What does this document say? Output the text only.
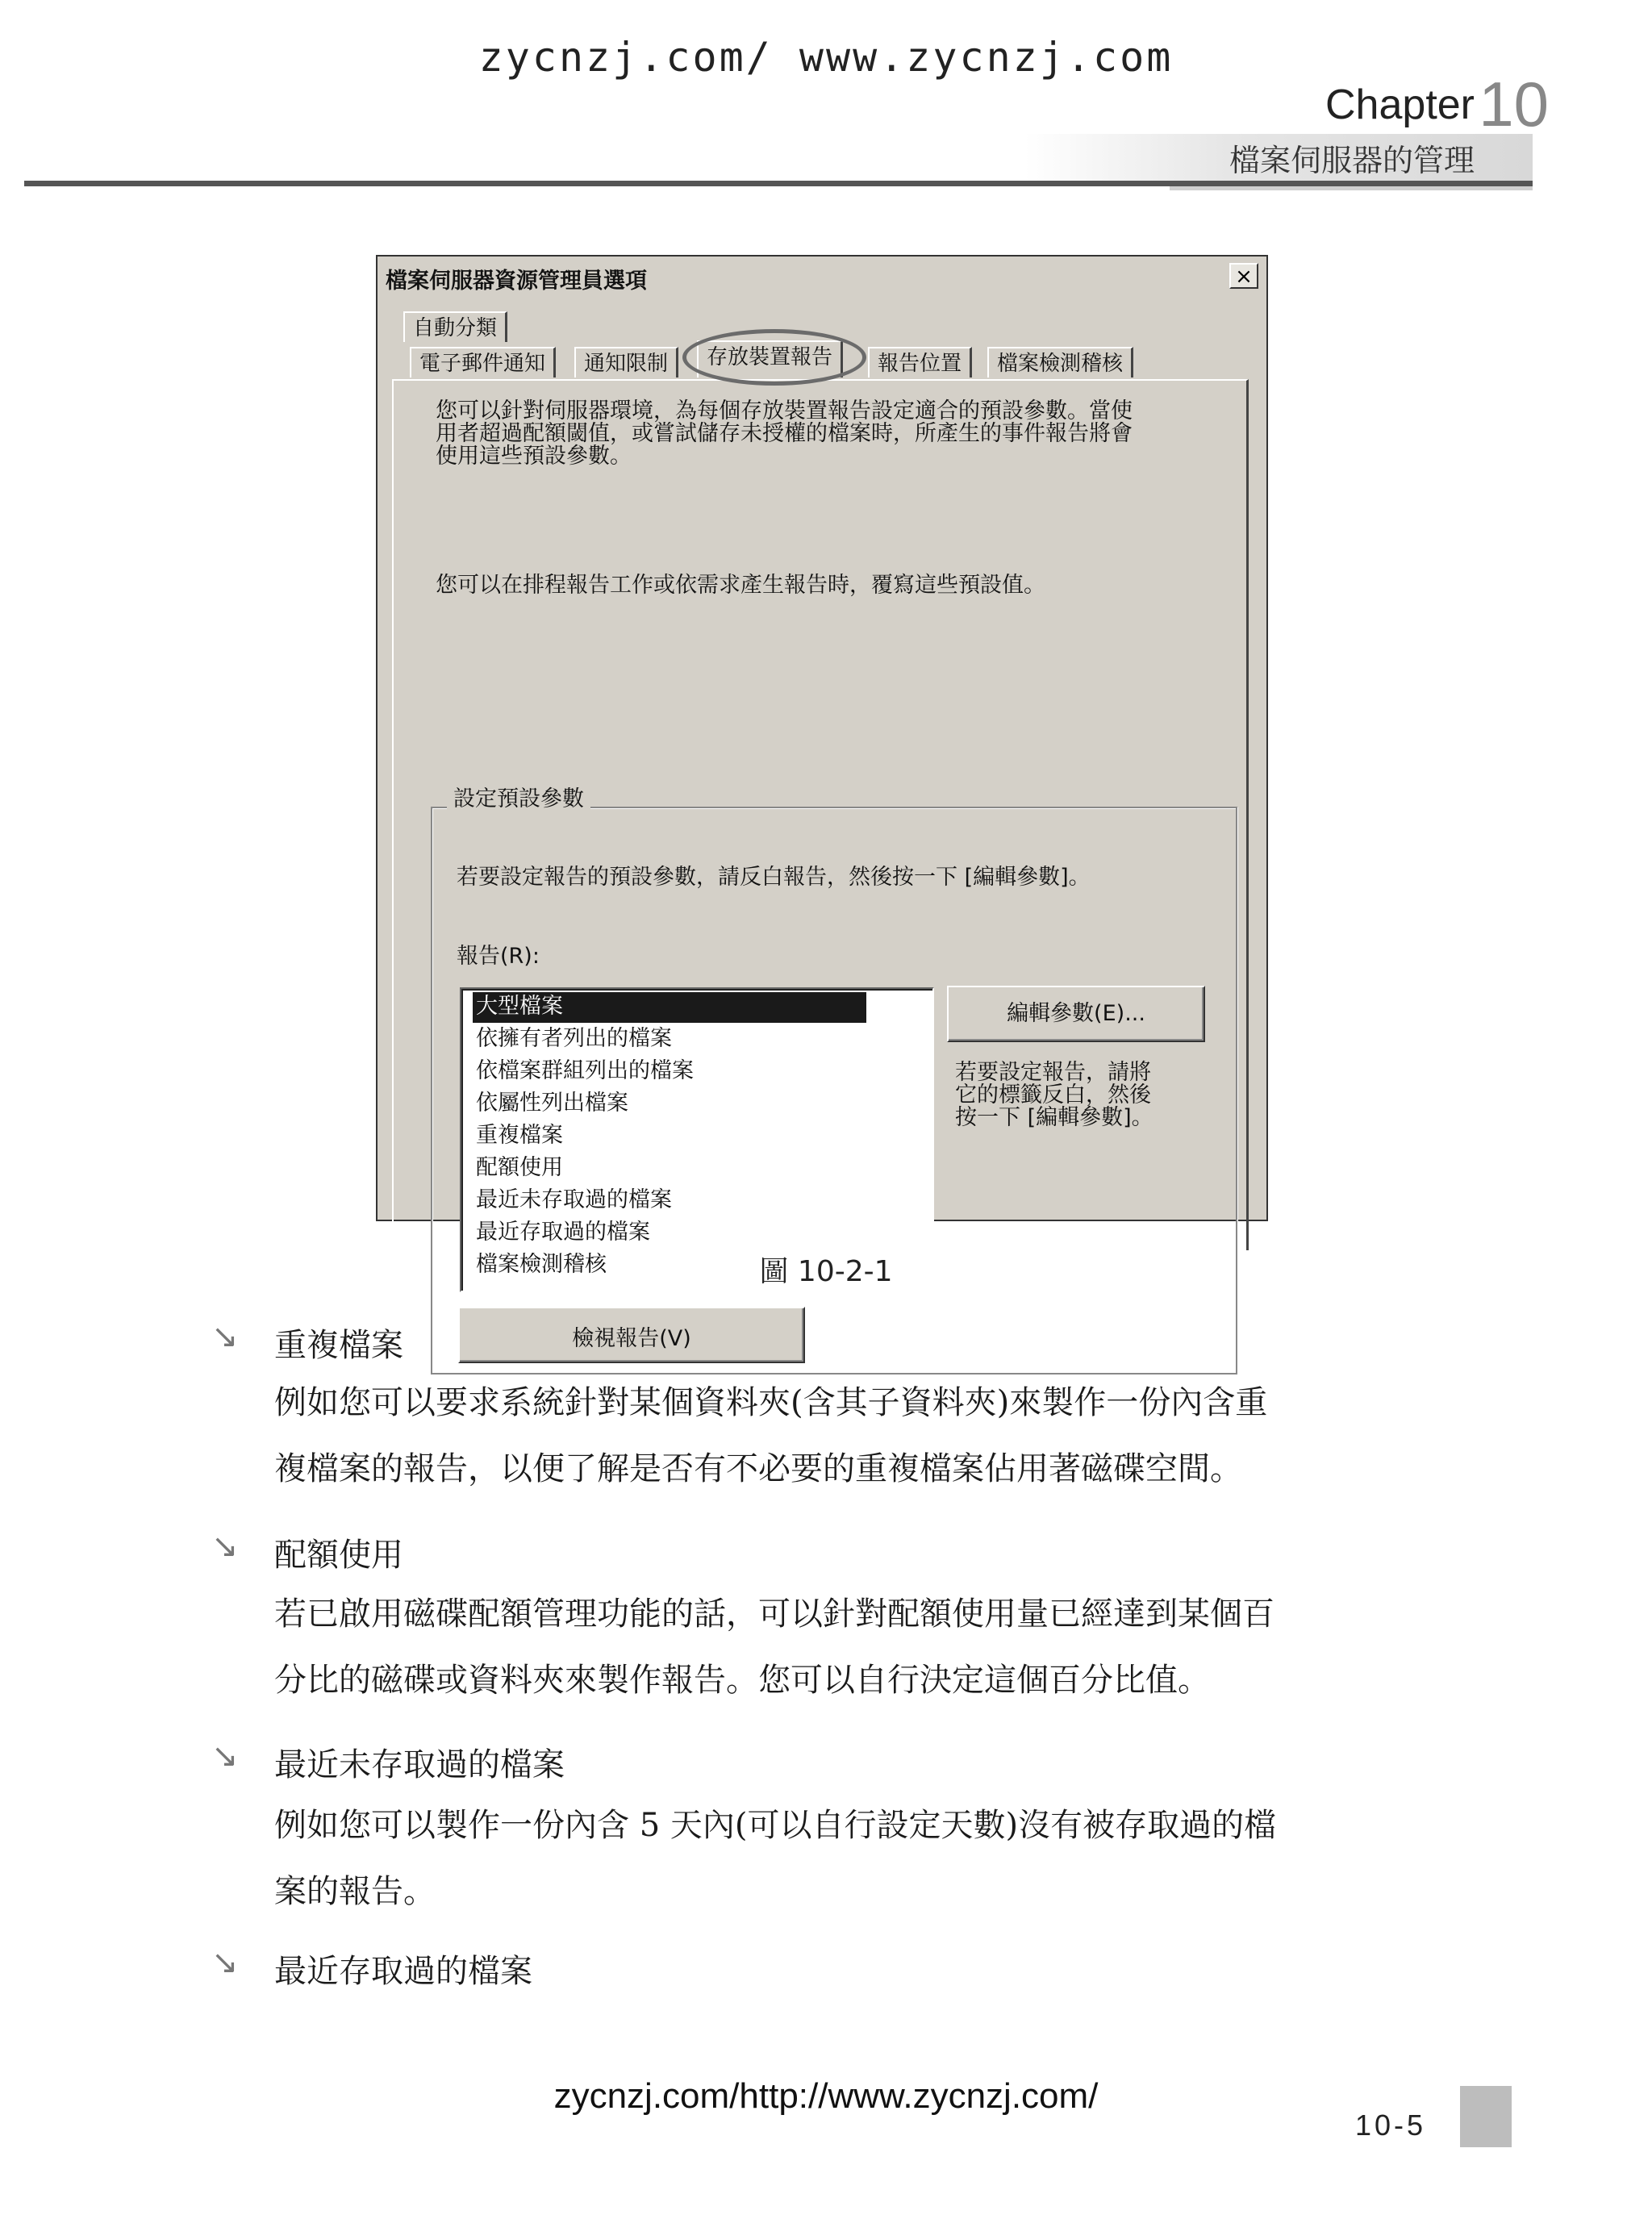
zycnzj.com/ www.zycnzj.com
Chapter 10
檔案伺服器的管理
檔案伺服器資源管理員選項	×
自動分類
電子郵件通知	通知限制	存放裝置報告	報告位置	檔案檢測稽核
您可以針對伺服器環境，為每個存放裝置報告設定適合的預設參數。當使
用者超過配額閾值，或嘗試儲存未授權的檔案時，所產生的事件報告將會
使用這些預設參數。
您可以在排程報告工作或依需求產生報告時，覆寫這些預設值。
設定預設參數
若要設定報告的預設參數，請反白報告，然後按一下 [編輯參數]。
報告(R):
大型檔案
依擁有者列出的檔案
依檔案群組列出的檔案
依屬性列出檔案
重複檔案
配額使用
最近未存取過的檔案
最近存取過的檔案
檔案檢測稽核
編輯參數(E)...
若要設定報告，請將
它的標籤反白，然後
按一下 [編輯參數]。
檢視報告(V)
圖 10-2-1
↘ 重複檔案
例如您可以要求系統針對某個資料夾(含其子資料夾)來製作一份內含重
複檔案的報告，以便了解是否有不必要的重複檔案佔用著磁碟空間。
↘ 配額使用
若已啟用磁碟配額管理功能的話，可以針對配額使用量已經達到某個百
分比的磁碟或資料夾來製作報告。您可以自行決定這個百分比值。
↘ 最近未存取過的檔案
例如您可以製作一份內含 5 天內(可以自行設定天數)沒有被存取過的檔
案的報告。
↘ 最近存取過的檔案
zycnzj.com/http://www.zycnzj.com/
10-5
